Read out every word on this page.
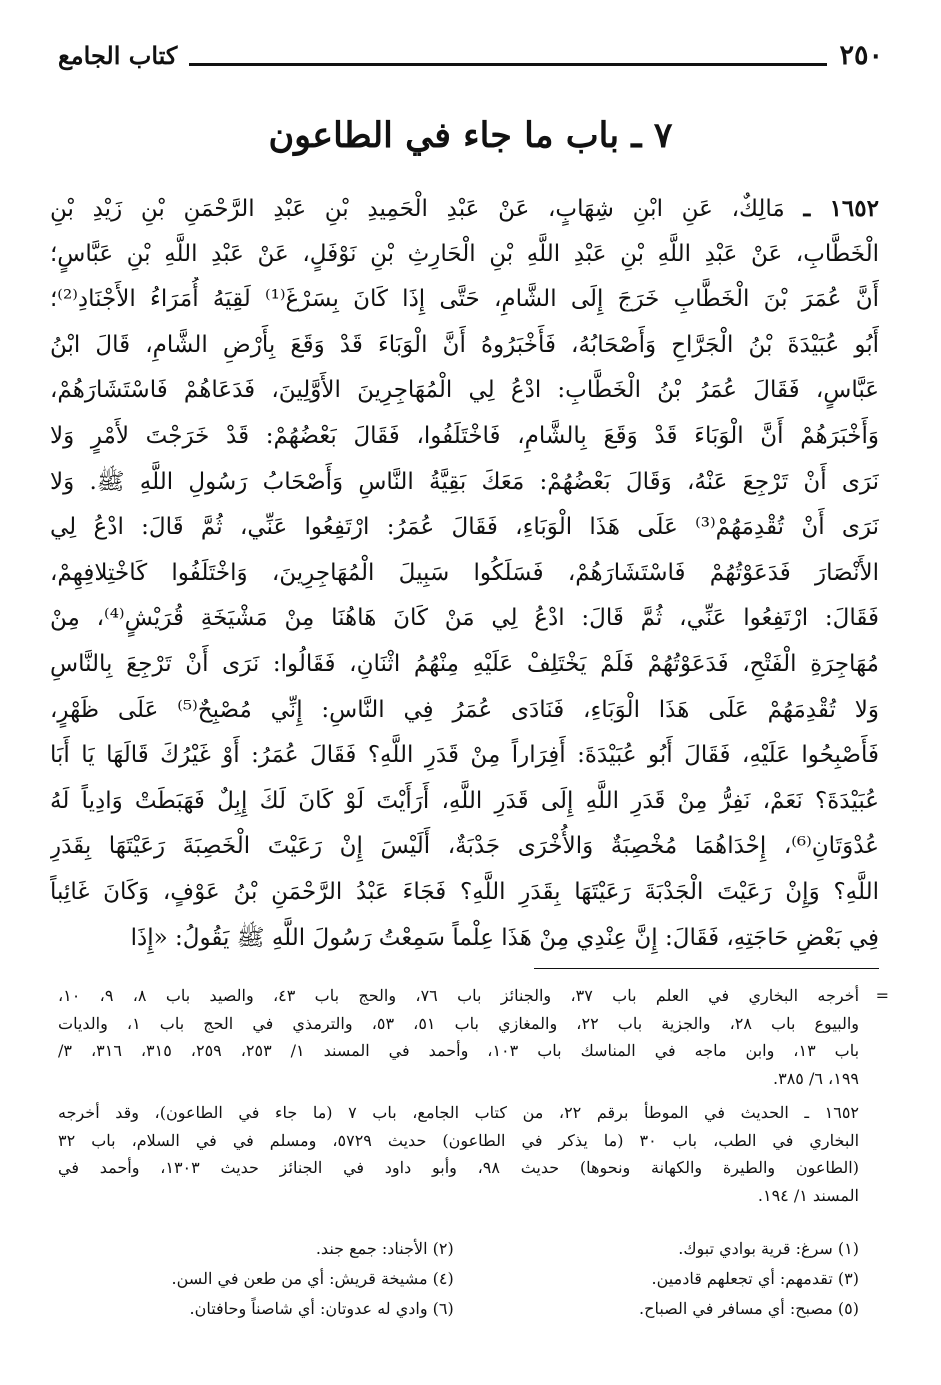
٢٥٠
كتاب الجامع
٧ ـ باب ما جاء في الطاعون
١٦٥٢ ـ مَالِكٌ، عَنِ ابْنِ شِهَابٍ، عَنْ عَبْدِ الْحَمِيدِ بْنِ عَبْدِ الرَّحْمَنِ بْنِ زَيْدِ بْنِ
الْخَطَّابِ، عَنْ عَبْدِ اللَّهِ بْنِ عَبْدِ اللَّهِ بْنِ الْحَارِثِ بْنِ نَوْفَلٍ، عَنْ عَبْدِ اللَّهِ بْنِ عَبَّاسٍ؛
أَنَّ عُمَرَ بْنَ الْخَطَّابِ خَرَجَ إِلَى الشَّامِ، حَتَّى إِذَا كَانَ بِسَرْغَ⁽¹⁾ لَقِيَهُ أُمَرَاءُ الأَجْنَادِ⁽²⁾؛
أَبُو عُبَيْدَةَ بْنُ الْجَرَّاحِ وَأَصْحَابُهُ، فَأَخْبَرُوهُ أَنَّ الْوَبَاءَ قَدْ وَقَعَ بِأَرْضِ الشَّامِ، قَالَ ابْنُ
عَبَّاسٍ، فَقَالَ عُمَرُ بْنُ الْخَطَّابِ: ادْعُ لِي الْمُهَاجِرِينَ الأَوَّلِينَ، فَدَعَاهُمْ فَاسْتَشَارَهُمْ،
وَأَخْبَرَهُمْ أَنَّ الْوَبَاءَ قَدْ وَقَعَ بِالشَّامِ، فَاخْتَلَفُوا، فَقَالَ بَعْضُهُمْ: قَدْ خَرَجْتَ لأَمْرٍ وَلا
نَرَى أَنْ تَرْجِعَ عَنْهُ، وَقَالَ بَعْضُهُمْ: مَعَكَ بَقِيَّةُ النَّاسِ وَأَصْحَابُ رَسُولِ اللَّهِ ﷺ. وَلا
نَرَى أَنْ تُقْدِمَهُمْ⁽³⁾ عَلَى هَذَا الْوَبَاءِ، فَقَالَ عُمَرُ: ارْتَفِعُوا عَنِّي، ثُمَّ قَالَ: ادْعُ لِي
الأَنْصَارَ فَدَعَوْتُهُمْ فَاسْتَشَارَهُمْ، فَسَلَكُوا سَبِيلَ الْمُهَاجِرِينَ، وَاخْتَلَفُوا كَاخْتِلافِهِمْ،
فَقَالَ: ارْتَفِعُوا عَنِّي، ثُمَّ قَالَ: ادْعُ لِي مَنْ كَانَ هَاهُنَا مِنْ مَشْيَخَةِ قُرَيْشٍ⁽⁴⁾، مِنْ
مُهَاجِرَةِ الْفَتْحِ، فَدَعَوْتُهُمْ فَلَمْ يَخْتَلِفْ عَلَيْهِ مِنْهُمُ اثْنَانِ، فَقَالُوا: نَرَى أَنْ تَرْجِعَ بِالنَّاسِ
وَلا تُقْدِمَهُمْ عَلَى هَذَا الْوَبَاءِ، فَنَادَى عُمَرُ فِي النَّاسِ: إِنِّي مُصْبِحٌ⁽⁵⁾ عَلَى ظَهْرٍ،
فَأَصْبِحُوا عَلَيْهِ، فَقَالَ أَبُو عُبَيْدَةَ: أَفِرَاراً مِنْ قَدَرِ اللَّهِ؟ فَقَالَ عُمَرُ: أَوْ غَيْرُكَ قَالَهَا يَا أَبَا
عُبَيْدَةَ؟ نَعَمْ، نَفِرُّ مِنْ قَدَرِ اللَّهِ إِلَى قَدَرِ اللَّهِ، أَرَأَيْتَ لَوْ كَانَ لَكَ إِبِلٌ فَهَبَطَتْ وَادِياً لَهُ
عُدْوَتَانِ⁽⁶⁾، إِحْدَاهُمَا مُخْصِبَةٌ وَالأُخْرَى جَدْبَةٌ، أَلَيْسَ إِنْ رَعَيْتَ الْخَصِبَةَ رَعَيْتَهَا بِقَدَرِ
اللَّهِ؟ وَإِنْ رَعَيْتَ الْجَدْبَةَ رَعَيْتَهَا بِقَدَرِ اللَّهِ؟ فَجَاءَ عَبْدُ الرَّحْمَنِ بْنُ عَوْفٍ، وَكَانَ غَائِباً
فِي بَعْضِ حَاجَتِهِ، فَقَالَ: إِنَّ عِنْدِي مِنْ هَذَا عِلْماً سَمِعْتُ رَسُولَ اللَّهِ ﷺ يَقُولُ: «إِذَا
=
أخرجه البخاري في العلم باب ٣٧، والجنائز باب ٧٦، والحج باب ٤٣، والصيد باب ٨، ٩، ١٠،
والبيوع باب ٢٨، والجزية باب ٢٢، والمغازي باب ٥١، ٥٣، والترمذي في الحج باب ١، والديات
باب ١٣، وابن ماجه في المناسك باب ١٠٣، وأحمد في المسند ١/ ٢٥٣، ٢٥٩، ٣١٥، ٣١٦، ٣/
١٩٩، ٦/ ٣٨٥.
١٦٥٢ ـ الحديث في الموطأ برقم ٢٢، من كتاب الجامع، باب ٧ (ما جاء في الطاعون)، وقد أخرجه
البخاري في الطب، باب ٣٠ (ما يذكر في الطاعون) حديث ٥٧٢٩، ومسلم في في السلام، باب ٣٢
(الطاعون والطيرة والكهانة ونحوها) حديث ٩٨، وأبو داود في الجنائز حديث ١٣٠٣، وأحمد في
المسند ١/ ١٩٤.
(١) سرغ: قرية بوادي تبوك.
(٢) الأجناد: جمع جند.
(٣) تقدمهم: أي تجعلهم قادمين.
(٤) مشيخة قريش: أي من طعن في السن.
(٥) مصبح: أي مسافر في الصباح.
(٦) وادي له عدوتان: أي شاصناً وحافتان.
